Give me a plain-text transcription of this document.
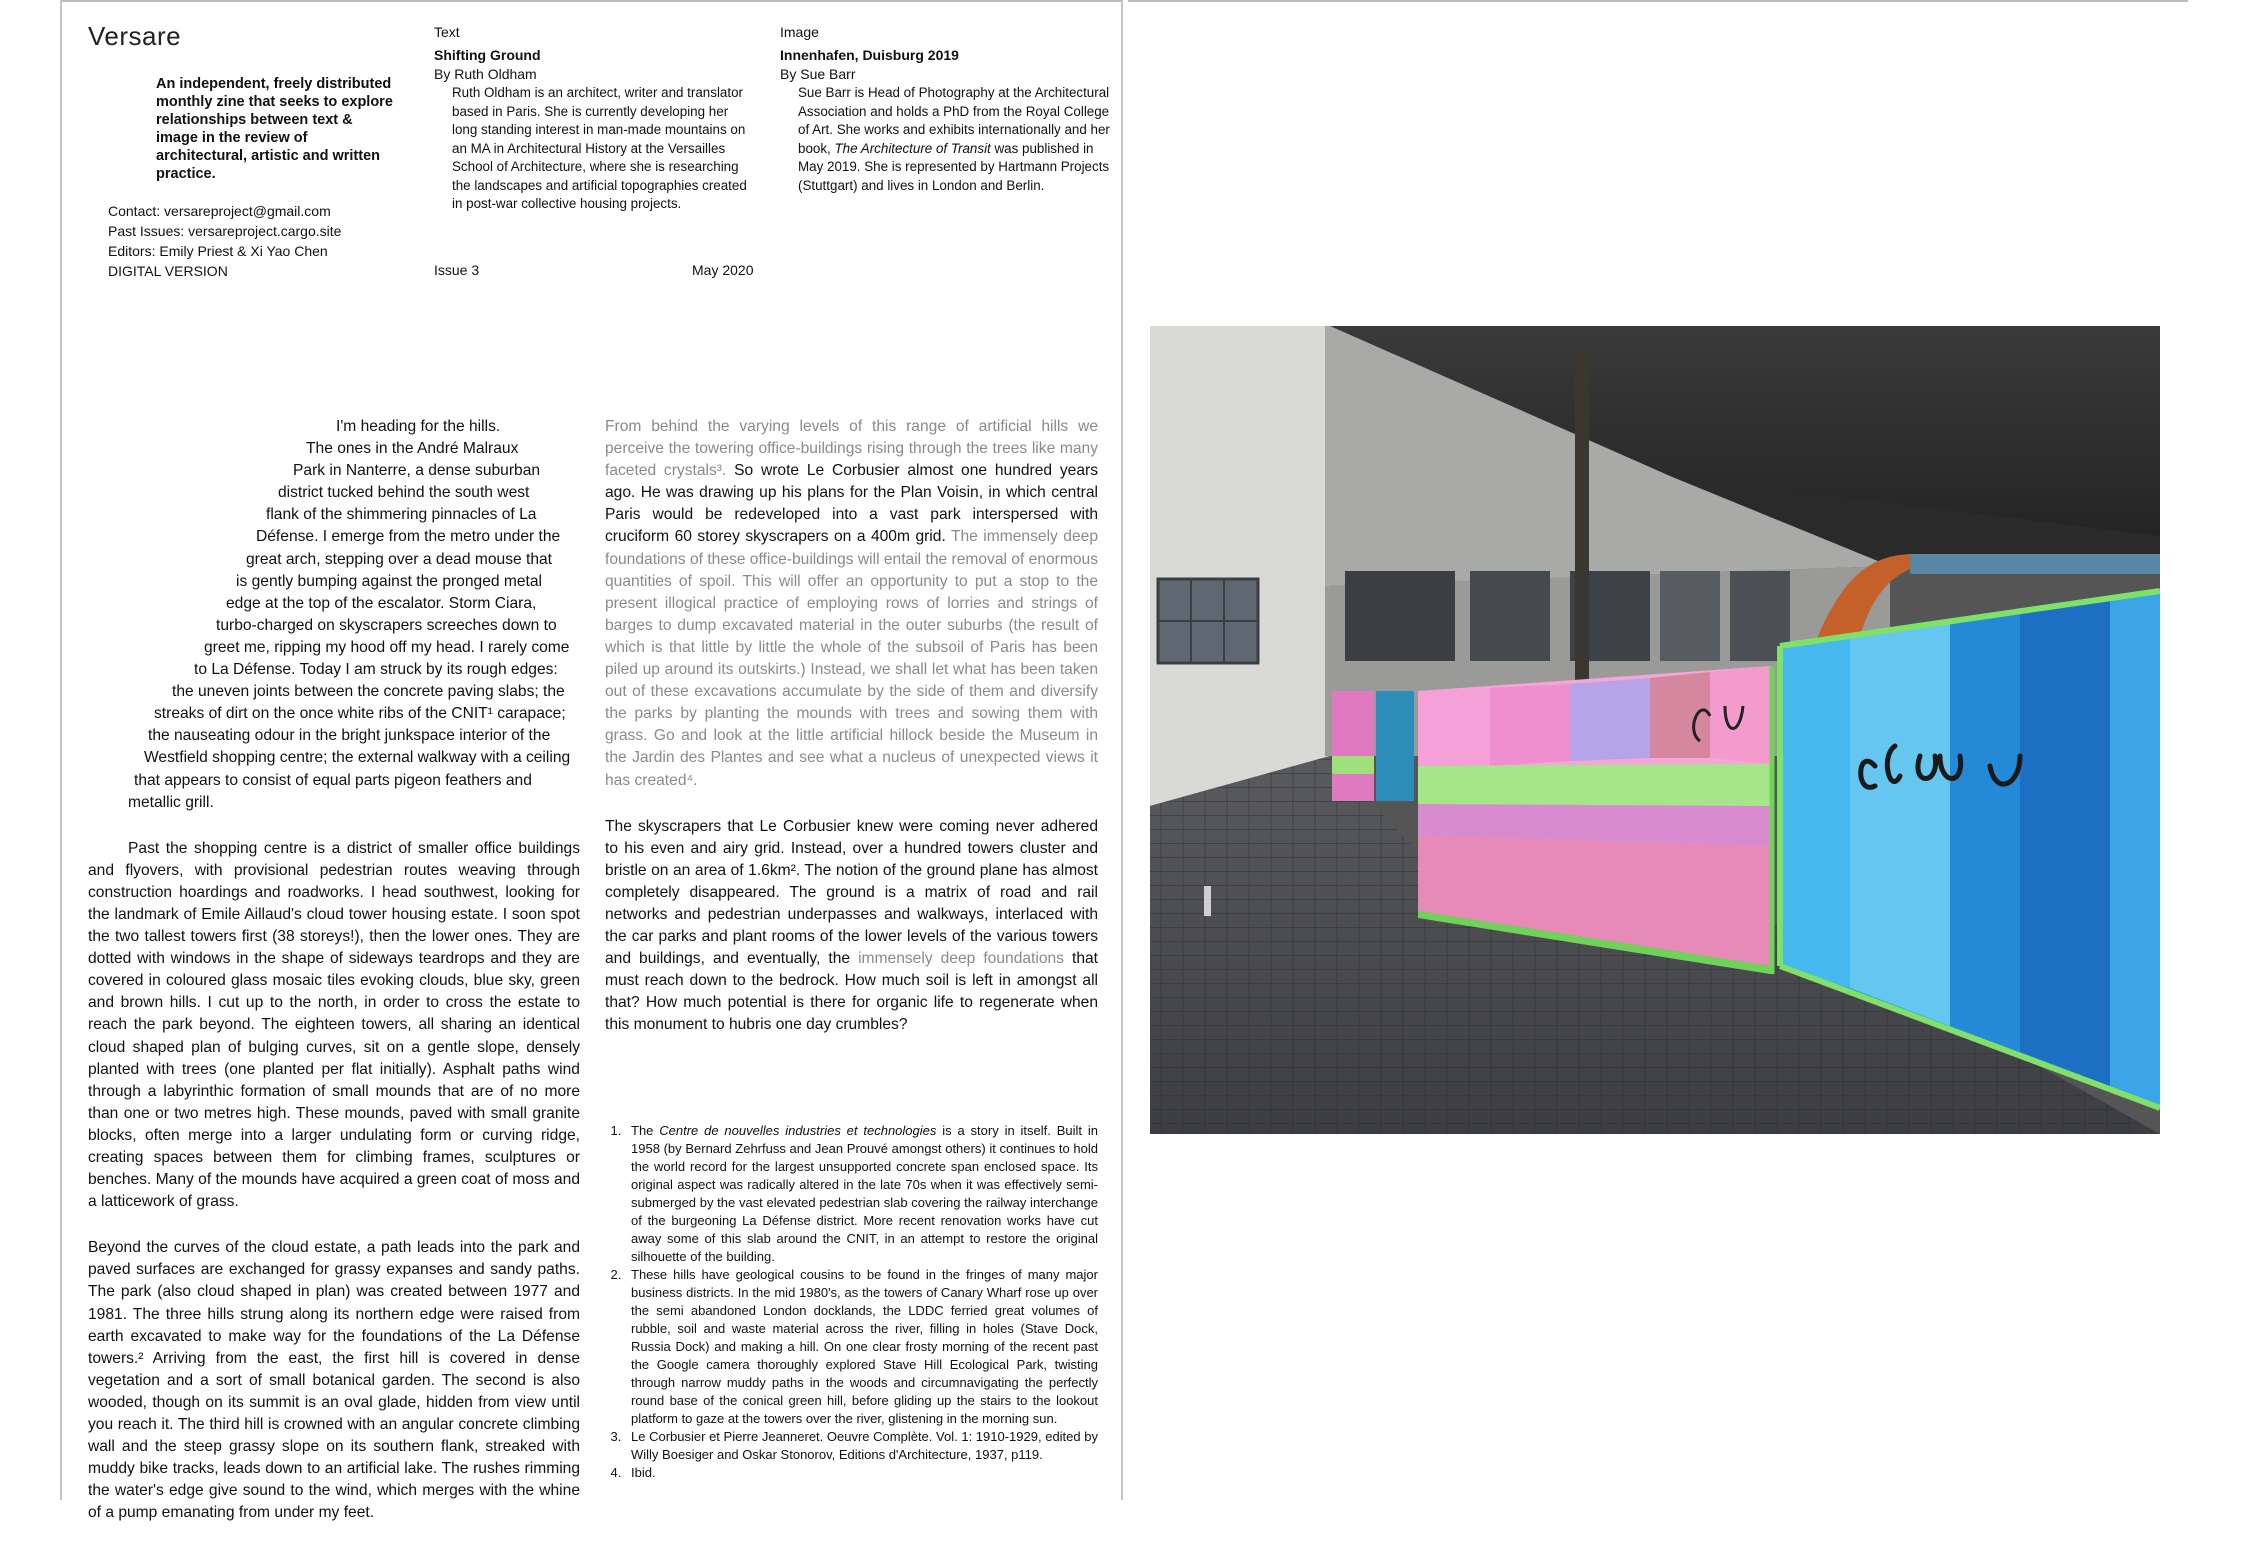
Versare
An independent, freely distributed monthly zine that seeks to explore relationships between text & image in the review of architectural, artistic and written practice.
Contact: versareproject@gmail.com
Past Issues: versareproject.cargo.site
Editors: Emily Priest & Xi Yao Chen
DIGITAL VERSION
Text
Shifting Ground
By Ruth Oldham
Ruth Oldham is an architect, writer and translator based in Paris. She is currently developing her long standing interest in man-made mountains on an MA in Architectural History at the Versailles School of Architecture, where she is researching the landscapes and artificial topographies created in post-war collective housing projects.
Image
Innenhafen, Duisburg 2019
By Sue Barr
Sue Barr is Head of Photography at the Architectural Association and holds a PhD from the Royal College of Art. She works and exhibits internationally and her book, The Architecture of Transit was published in May 2019. She is represented by Hartmann Projects (Stuttgart) and lives in London and Berlin.
Issue 3	May 2020
I'm heading for the hills.
The ones in the André Malraux
Park in Nanterre, a dense suburban
district tucked behind the south west
flank of the shimmering pinnacles of La
Défense. I emerge from the metro under the
great arch, stepping over a dead mouse that
is gently bumping against the pronged metal
edge at the top of the escalator. Storm Ciara,
turbo-charged on skyscrapers screeches down to
greet me, ripping my hood off my head. I rarely come
to La Défense. Today I am struck by its rough edges:
the uneven joints between the concrete paving slabs; the
streaks of dirt on the once white ribs of the CNIT¹ carapace;
the nauseating odour in the bright junkspace interior of the
Westfield shopping centre; the external walkway with a ceiling
that appears to consist of equal parts pigeon feathers and
metallic grill.

Past the shopping centre is a district of smaller office buildings and flyovers, with provisional pedestrian routes weaving through construction hoardings and roadworks. I head southwest, looking for the landmark of Emile Aillaud's cloud tower housing estate. I soon spot the two tallest towers first (38 storeys!), then the lower ones. They are dotted with windows in the shape of sideways teardrops and they are covered in coloured glass mosaic tiles evoking clouds, blue sky, green and brown hills. I cut up to the north, in order to cross the estate to reach the park beyond. The eighteen towers, all sharing an identical cloud shaped plan of bulging curves, sit on a gentle slope, densely planted with trees (one planted per flat initially). Asphalt paths wind through a labyrinthic formation of small mounds that are of no more than one or two metres high. These mounds, paved with small granite blocks, often merge into a larger undulating form or curving ridge, creating spaces between them for climbing frames, sculptures or benches. Many of the mounds have acquired a green coat of moss and a latticework of grass.

Beyond the curves of the cloud estate, a path leads into the park and paved surfaces are exchanged for grassy expanses and sandy paths. The park (also cloud shaped in plan) was created between 1977 and 1981. The three hills strung along its northern edge were raised from earth excavated to make way for the foundations of the La Défense towers.² Arriving from the east, the first hill is covered in dense vegetation and a sort of small botanical garden. The second is also wooded, though on its summit is an oval glade, hidden from view until you reach it. The third hill is crowned with an angular concrete climbing wall and the steep grassy slope on its southern flank, streaked with muddy bike tracks, leads down to an artificial lake. The rushes rimming the water's edge give sound to the wind, which merges with the whine of a pump emanating from under my feet.

From behind the varying levels of this range of artificial hills we perceive the towering office-buildings rising through the trees like many faceted crystals³. So wrote Le Corbusier almost one hundred years ago. He was drawing up his plans for the Plan Voisin, in which central Paris would be redeveloped into a vast park interspersed with cruciform 60 storey skyscrapers on a 400m grid. The immensely deep foundations of these office-buildings will entail the removal of enormous quantities of spoil. This will offer an opportunity to put a stop to the present illogical practice of employing rows of lorries and strings of barges to dump excavated material in the outer suburbs (the result of which is that little by little the whole of the subsoil of Paris has been piled up around its outskirts.) Instead, we shall let what has been taken out of these excavations accumulate by the side of them and diversify the parks by planting the mounds with trees and sowing them with grass. Go and look at the little artificial hillock beside the Museum in the Jardin des Plantes and see what a nucleus of unexpected views it has created⁴.

The skyscrapers that Le Corbusier knew were coming never adhered to his even and airy grid. Instead, over a hundred towers cluster and bristle on an area of 1.6km². The notion of the ground plane has almost completely disappeared. The ground is a matrix of road and rail networks and pedestrian underpasses and walkways, interlaced with the car parks and plant rooms of the lower levels of the various towers and buildings, and eventually, the immensely deep foundations that must reach down to the bedrock. How much soil is left in amongst all that? How much potential is there for organic life to regenerate when this monument to hubris one day crumbles?

1. The Centre de nouvelles industries et technologies is a story in itself. Built in 1958 (by Bernard Zehrfuss and Jean Prouvé amongst others) it continues to hold the world record for the largest unsupported concrete span enclosed space. Its original aspect was radically altered in the late 70s when it was effectively semi-submerged by the vast elevated pedestrian slab covering the railway interchange of the burgeoning La Défense district. More recent renovation works have cut away some of this slab around the CNIT, in an attempt to restore the original silhouette of the building.
2. These hills have geological cousins to be found in the fringes of many major business districts. In the mid 1980's, as the towers of Canary Wharf rose up over the semi abandoned London docklands, the LDDC ferried great volumes of rubble, soil and waste material across the river, filling in holes (Stave Dock, Russia Dock) and making a hill. On one clear frosty morning of the recent past the Google camera thoroughly explored Stave Hill Ecological Park, twisting through narrow muddy paths in the woods and circumnavigating the perfectly round base of the conical green hill, before gliding up the stairs to the lookout platform to gaze at the towers over the river, glistening in the morning sun.
3. Le Corbusier et Pierre Jeanneret. Oeuvre Complète. Vol. 1: 1910-1929, edited by Willy Boesiger and Oskar Stonorov, Editions d'Architecture, 1937, p119.
4. Ibid.
